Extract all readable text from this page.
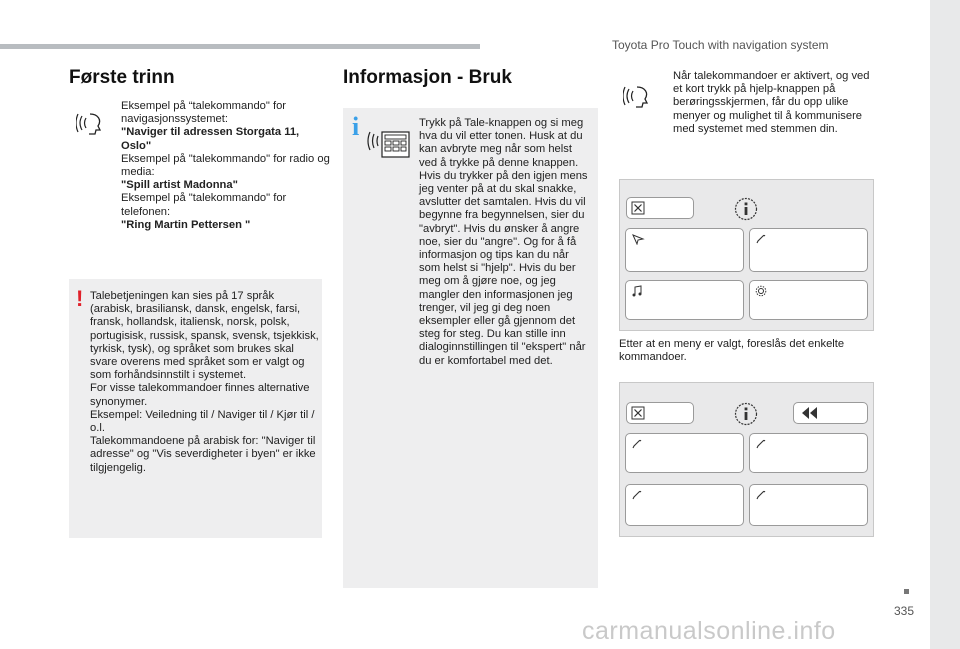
Toyota Pro Touch with navigation system
Første trinn

Eksempel på “talekommando" for navigasjonssystemet:

"Naviger til adressen Storgata 11, Oslo"

Eksempel på "talekommando" for radio og media:

"Spill artist Madonna"

Eksempel på "talekommando" for telefonen:

"Ring Martin Pettersen "

! Talebetjeningen kan sies på 17 språk (arabisk, brasiliansk, dansk, engelsk, farsi, fransk, hollandsk, italiensk, norsk, polsk, portugisisk, russisk, spansk, svensk, tsjekkisk, tyrkisk, tysk), og språket som brukes skal svare overens med språket som er valgt og som forhåndsinnstilt i systemet.

For visse talekommandoer finnes alternative synonymer.

Eksempel: Veiledning til / Naviger til / Kjør til / o.l.

Talekommandoene på arabisk for: "Naviger til adresse" og "Vis severdigheter i byen" er ikke tilgjengelig.

Informasjon - Bruk
i	Trykk på Tale-knappen og si meg hva du vil etter tonen. Husk at du kan avbryte meg når som helst ved å trykke på denne knappen. Hvis du trykker på den igjen mens jeg venter på at du skal snakke, avslutter det samtalen. Hvis du vil begynne fra begynnelsen, sier du "avbryt". Hvis du ønsker å angre noe, sier du "angre". Og for å få informasjon og tips kan du når som helst si "hjelp". Hvis du ber meg om å gjøre noe, og jeg mangler den informasjonen jeg trenger, vil jeg gi deg noen eksempler eller gå gjennom det steg for steg. Du kan stille inn dialoginnstillingen til "ekspert" når du er komfortabel med det.

Når talekommandoer er aktivert, og ved et kort trykk på hjelp-knappen på berøringsskjermen, får du opp ulike menyer og mulighet til å kommunisere med systemet med stemmen din.
Etter at en meny er valgt, foreslås det enkelte kommandoer.
335
carmanualsonline.info
